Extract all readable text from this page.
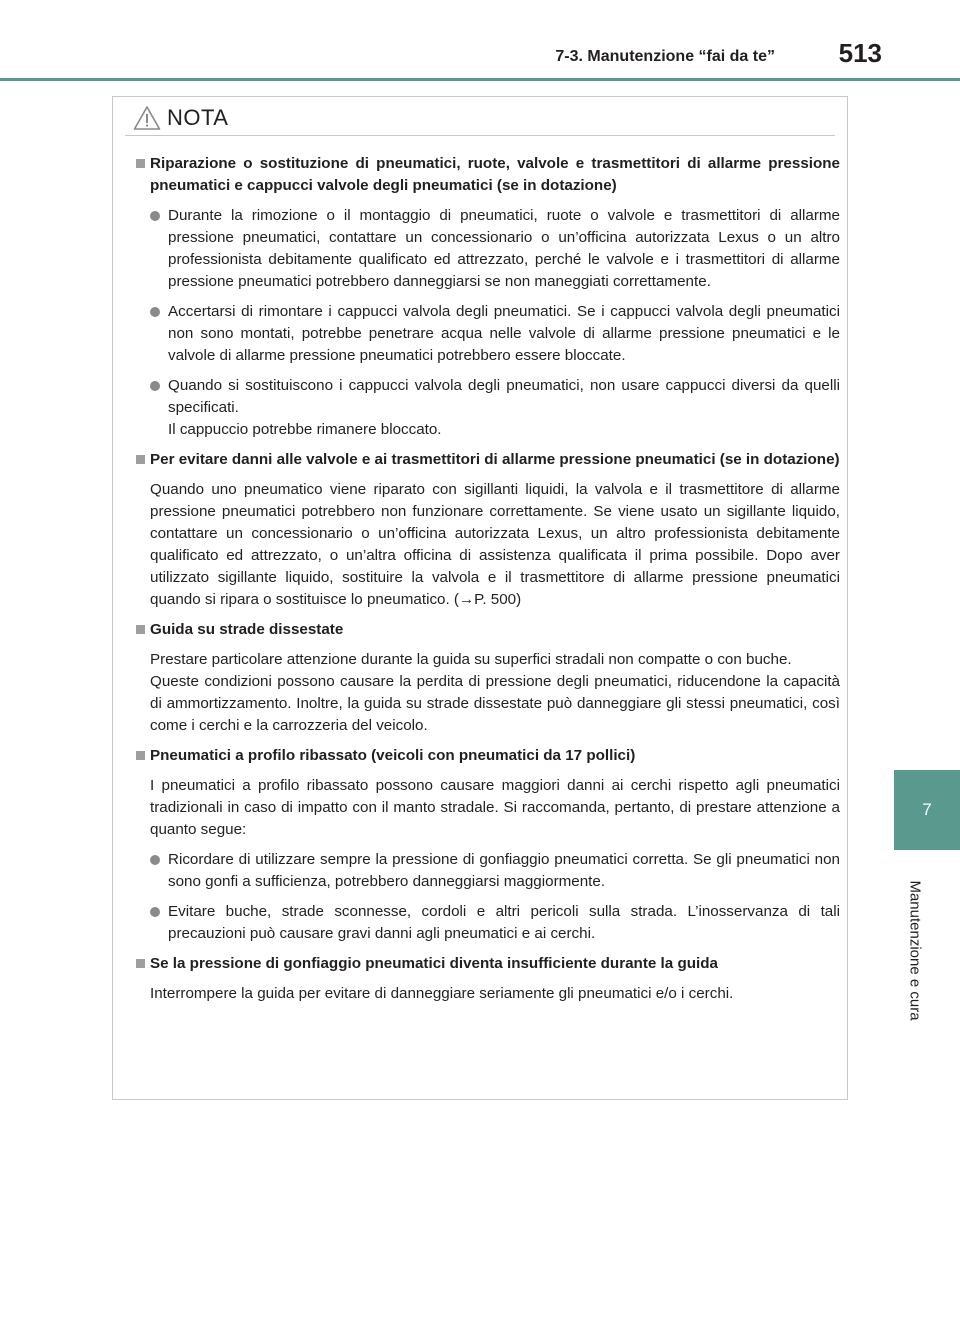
7-3. Manutenzione “fai da te” 513
7
Manutenzione e cura
NOTA
Riparazione o sostituzione di pneumatici, ruote, valvole e trasmettitori di allarme pressione pneumatici e cappucci valvole degli pneumatici (se in dotazione)
Durante la rimozione o il montaggio di pneumatici, ruote o valvole e trasmettitori di allarme pressione pneumatici, contattare un concessionario o un’officina autorizzata Lexus o un altro professionista debitamente qualificato ed attrezzato, perché le valvole e i trasmettitori di allarme pressione pneumatici potrebbero danneggiarsi se non maneggiati correttamente.
Accertarsi di rimontare i cappucci valvola degli pneumatici. Se i cappucci valvola degli pneumatici non sono montati, potrebbe penetrare acqua nelle valvole di allarme pressione pneumatici e le valvole di allarme pressione pneumatici potrebbero essere bloccate.
Quando si sostituiscono i cappucci valvola degli pneumatici, non usare cappucci diversi da quelli specificati.
Il cappuccio potrebbe rimanere bloccato.
Per evitare danni alle valvole e ai trasmettitori di allarme pressione pneumatici (se in dotazione)
Quando uno pneumatico viene riparato con sigillanti liquidi, la valvola e il trasmettitore di allarme pressione pneumatici potrebbero non funzionare correttamente. Se viene usato un sigillante liquido, contattare un concessionario o un’officina autorizzata Lexus, un altro professionista debitamente qualificato ed attrezzato, o un’altra officina di assistenza qualificata il prima possibile. Dopo aver utilizzato sigillante liquido, sostituire la valvola e il trasmettitore di allarme pressione pneumatici quando si ripara o sostituisce lo pneumatico. (→P. 500)
Guida su strade dissestate
Prestare particolare attenzione durante la guida su superfici stradali non compatte o con buche.
Queste condizioni possono causare la perdita di pressione degli pneumatici, riducendone la capacità di ammortizzamento. Inoltre, la guida su strade dissestate può danneggiare gli stessi pneumatici, così come i cerchi e la carrozzeria del veicolo.
Pneumatici a profilo ribassato (veicoli con pneumatici da 17 pollici)
I pneumatici a profilo ribassato possono causare maggiori danni ai cerchi rispetto agli pneumatici tradizionali in caso di impatto con il manto stradale. Si raccomanda, pertanto, di prestare attenzione a quanto segue:
Ricordare di utilizzare sempre la pressione di gonfiaggio pneumatici corretta. Se gli pneumatici non sono gonfi a sufficienza, potrebbero danneggiarsi maggiormente.
Evitare buche, strade sconnesse, cordoli e altri pericoli sulla strada. L’inosservanza di tali precauzioni può causare gravi danni agli pneumatici e ai cerchi.
Se la pressione di gonfiaggio pneumatici diventa insufficiente durante la guida
Interrompere la guida per evitare di danneggiare seriamente gli pneumatici e/o i cerchi.
